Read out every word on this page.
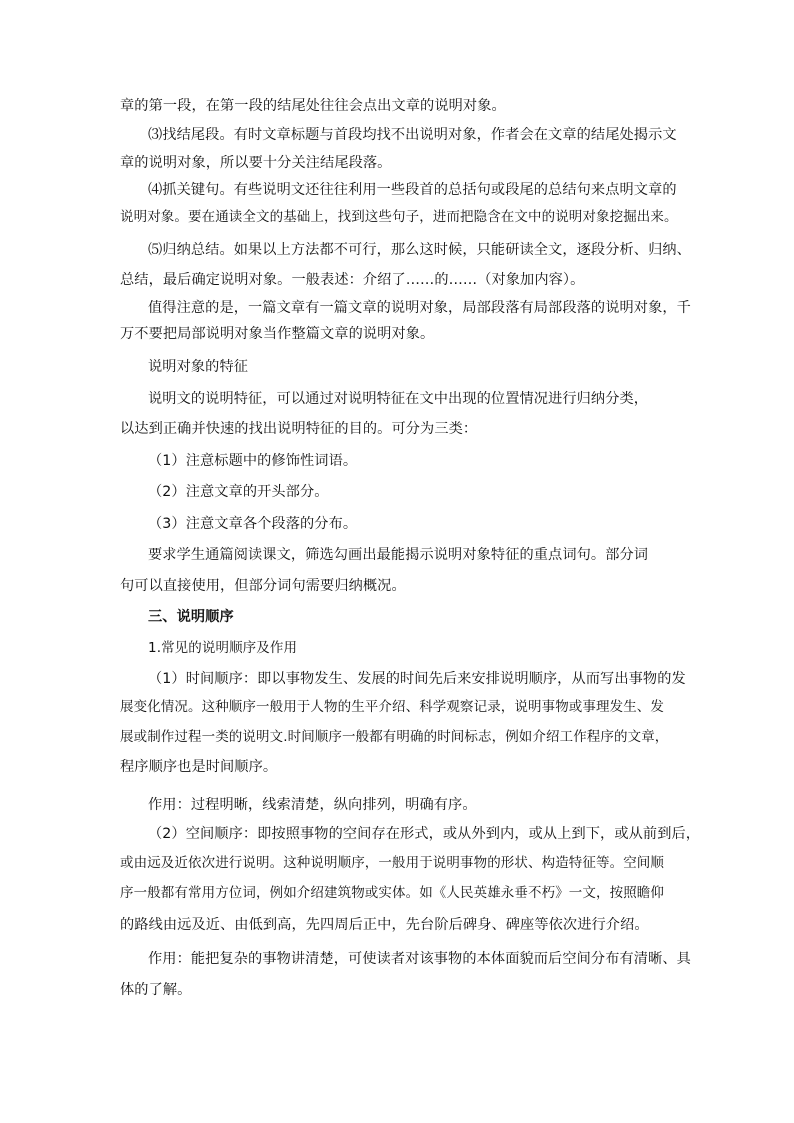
章的第一段，在第一段的结尾处往往会点出文章的说明对象。
⑶找结尾段。有时文章标题与首段均找不出说明对象，作者会在文章的结尾处揭示文
章的说明对象，所以要十分关注结尾段落。
⑷抓关键句。有些说明文还往往利用一些段首的总括句或段尾的总结句来点明文章的
说明对象。要在通读全文的基础上，找到这些句子，进而把隐含在文中的说明对象挖掘出来。
⑸归纳总结。如果以上方法都不可行，那么这时候，只能研读全文，逐段分析、归纳、
总结，最后确定说明对象。一般表述：介绍了……的……（对象加内容）。
值得注意的是，一篇文章有一篇文章的说明对象，局部段落有局部段落的说明对象，千
万不要把局部说明对象当作整篇文章的说明对象。
说明对象的特征
说明文的说明特征，可以通过对说明特征在文中出现的位置情况进行归纳分类，
以达到正确并快速的找出说明特征的目的。可分为三类：
（1）注意标题中的修饰性词语。
（2）注意文章的开头部分。
（3）注意文章各个段落的分布。
要求学生通篇阅读课文，筛选勾画出最能揭示说明对象特征的重点词句。部分词
句可以直接使用，但部分词句需要归纳概况。
三、说明顺序
1.常见的说明顺序及作用
（1）时间顺序：即以事物发生、发展的时间先后来安排说明顺序，从而写出事物的发
展变化情况。这种顺序一般用于人物的生平介绍、科学观察记录，说明事物或事理发生、发
展或制作过程一类的说明文.时间顺序一般都有明确的时间标志，例如介绍工作程序的文章，
程序顺序也是时间顺序。
作用：过程明晰，线索清楚，纵向排列，明确有序。
（2）空间顺序：即按照事物的空间存在形式，或从外到内，或从上到下，或从前到后，
或由远及近依次进行说明。这种说明顺序，一般用于说明事物的形状、构造特征等。空间顺
序一般都有常用方位词，例如介绍建筑物或实体。如《人民英雄永垂不朽》一文，按照瞻仰
的路线由远及近、由低到高，先四周后正中，先台阶后碑身、碑座等依次进行介绍。
作用：能把复杂的事物讲清楚，可使读者对该事物的本体面貌而后空间分布有清晰、具
体的了解。
